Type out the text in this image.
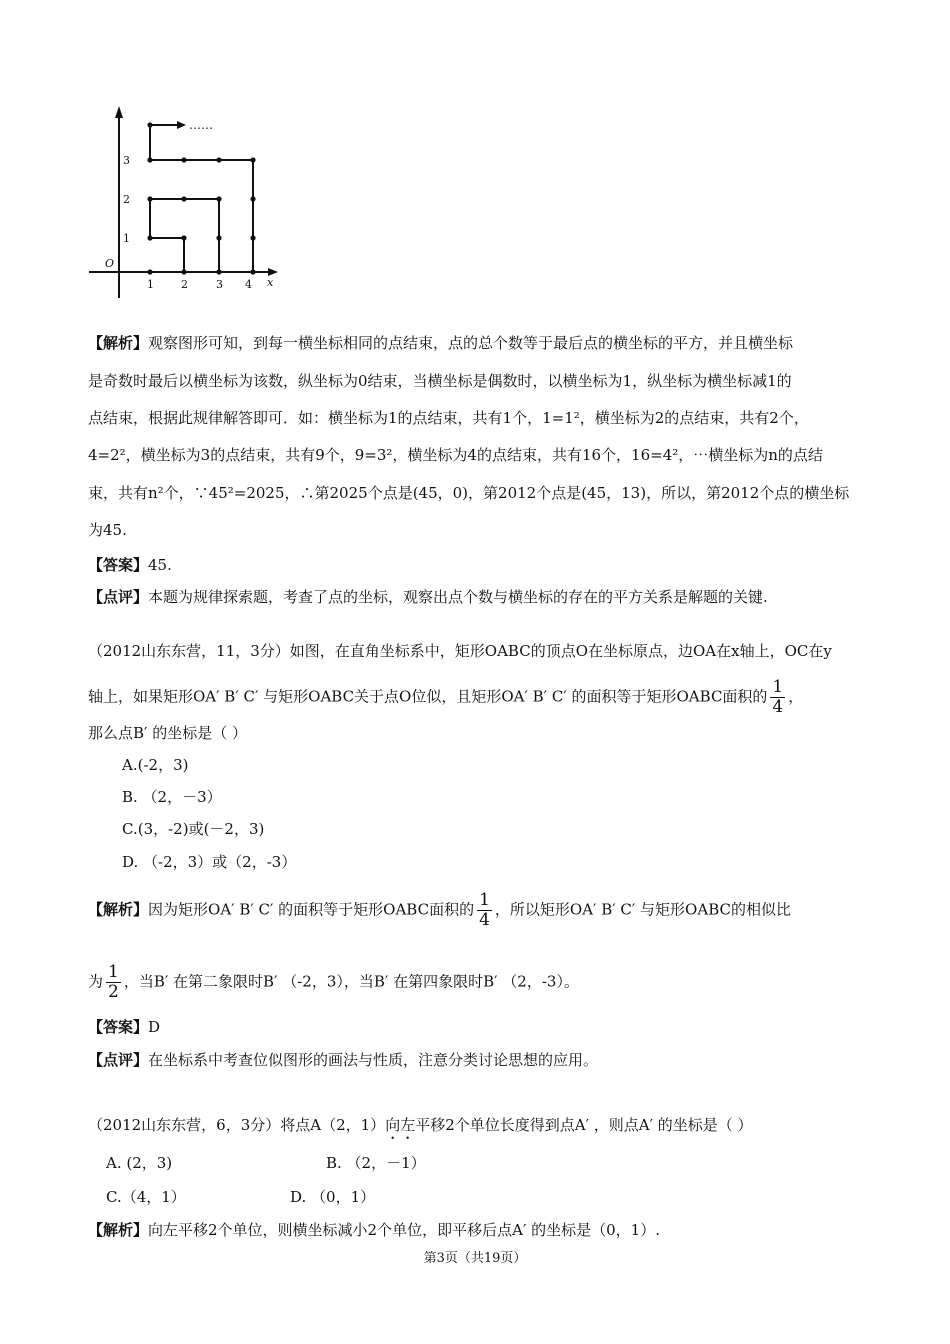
1
2
3
1 2	3 4
O
x
……

【解析】观察图形可知，到每一横坐标相同的点结束，点的总个数等于最后点的横坐标的平方，并且横坐标

是奇数时最后以横坐标为该数，纵坐标为0结束，当横坐标是偶数时，以横坐标为1，纵坐标为横坐标减1的

点结束，根据此规律解答即可．如：横坐标为1的点结束，共有1个，1=1²，横坐标为2的点结束，共有2个，

4=2²，横坐标为3的点结束，共有9个，9=3²，横坐标为4的点结束，共有16个，16=4²，⋯横坐标为n的点结

束，共有n²个，∵45²=2025，∴第2025个点是(45，0)，第2012个点是(45，13)，所以，第2012个点的横坐标

为45.

【答案】45.

【点评】本题为规律探索题，考查了点的坐标，观察出点个数与横坐标的存在的平方关系是解题的关键.

（2012山东东营，11，3分）如图，在直角坐标系中，矩形OABC的顶点O在坐标原点，边OA在x轴上，OC在y

轴上，如果矩形OA′ B′ C′ 与矩形OABC关于点O位似，且矩形OA′ B′ C′ 的面积等于矩形OABC面积的 $\frac{1}{4}$ ，

那么点B′ 的坐标是（ ）

A.(-2，3)
B. （2，－3）
C.(3，-2)或(－2，3)
D. （-2，3）或（2，-3）

【解析】因为矩形OA′ B′ C′ 的面积等于矩形OABC面积的 $\frac{1}{4}$ ，所以矩形OA′ B′ C′ 与矩形OABC的相似比

为 $\frac{1}{2}$ ，当B′ 在第二象限时B′ （-2，3），当B′ 在第四象限时B′ （2，-3）。

【答案】D

【点评】在坐标系中考查位似图形的画法与性质，注意分类讨论思想的应用。

（2012山东东营，6，3分）将点A（2，1）向左平移2个单位长度得到点A′ ，则点A′ 的坐标是（ ）

A. (2，3)	B. （2，－1）
C.（4，1）	D. （0，1）

【解析】向左平移2个单位，则横坐标减小2个单位，即平移后点A′ 的坐标是（0，1）.

第3页（共19页）
